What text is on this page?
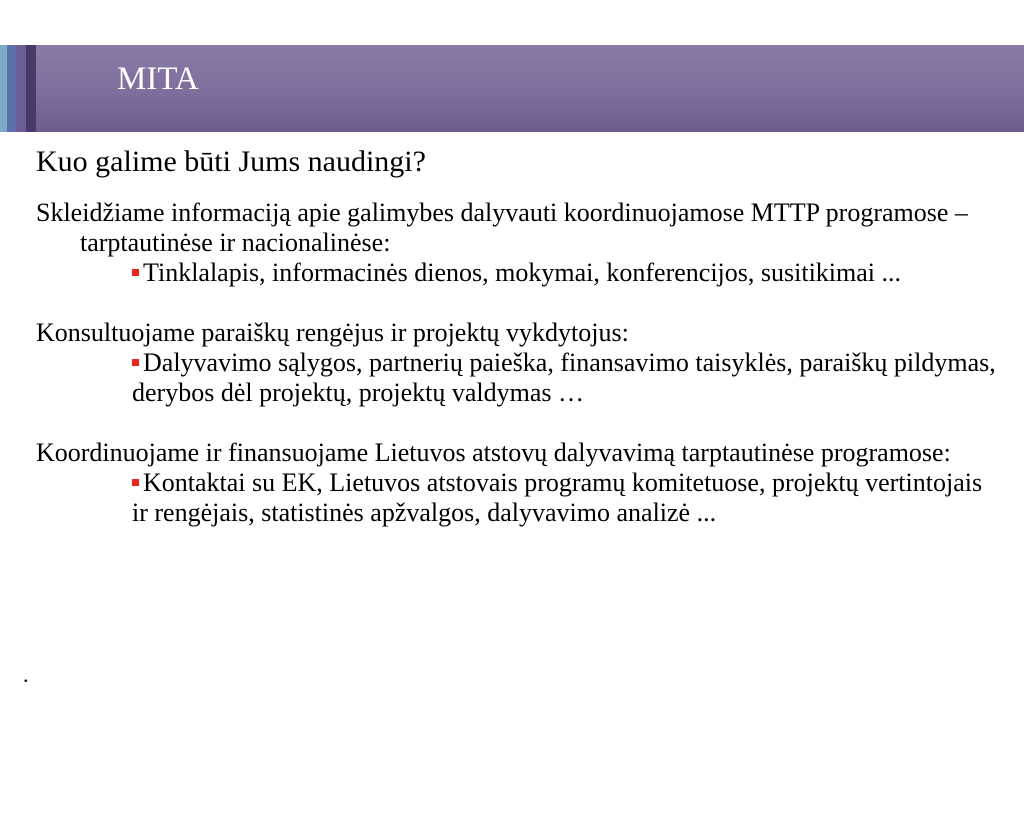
MITA

Kuo galime būti Jums naudingi?

Skleidžiame informaciją apie galimybes dalyvauti koordinuojamose MTTP programose – tarptautinėse ir nacionalinėse:

Tinklalapis, informacinės dienos, mokymai, konferencijos, susitikimai ...

Konsultuojame paraiškų rengėjus ir projektų vykdytojus:

Dalyvavimo sąlygos, partnerių paieška, finansavimo taisyklės, paraiškų pildymas, derybos dėl projektų, projektų valdymas …

Koordinuojame ir finansuojame Lietuvos atstovų dalyvavimą tarptautinėse programose:

Kontaktai su EK, Lietuvos atstovais programų komitetuose, projektų vertintojais ir rengėjais, statistinės apžvalgos, dalyvavimo analizė ...

.
